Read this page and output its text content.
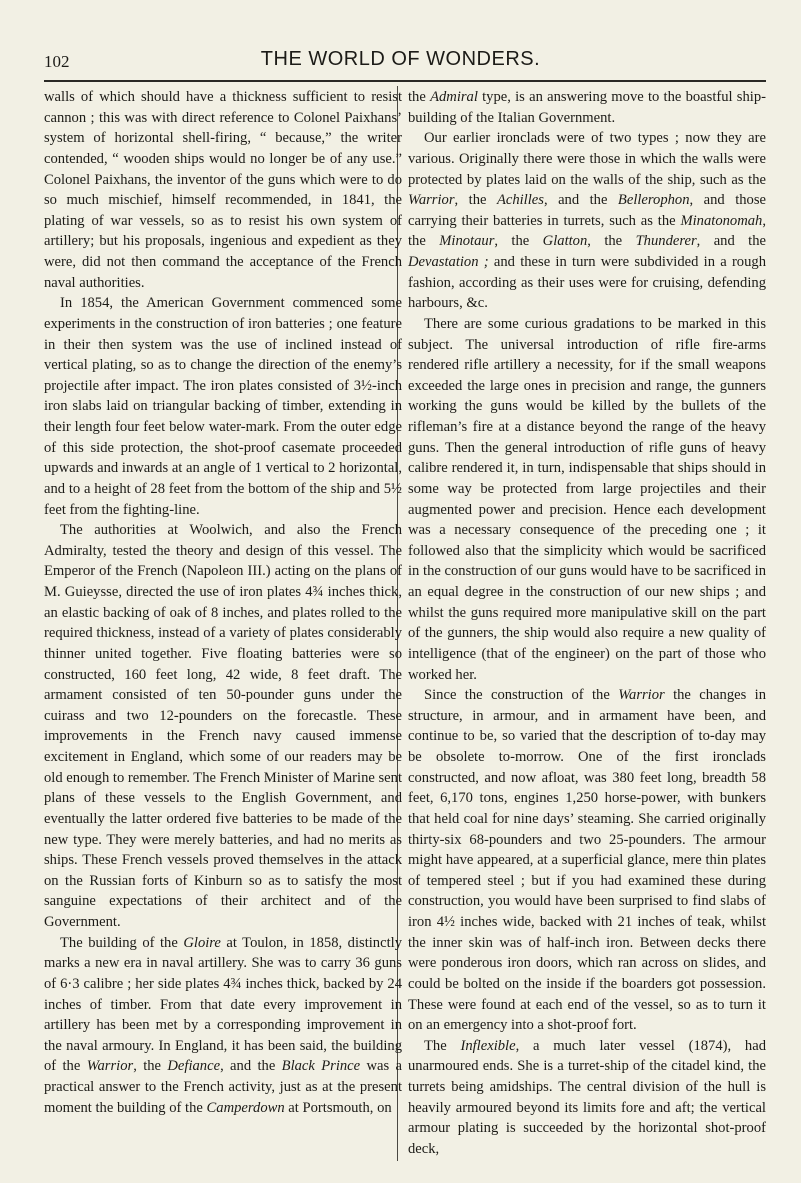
102	THE WORLD OF WONDERS.

walls of which should have a thickness sufficient to resist cannon ; this was with direct reference to Colonel Paixhans’ system of horizontal shell-firing, “ because,” the writer contended, “ wooden ships would no longer be of any use.” Colonel Paixhans, the inventor of the guns which were to do so much mischief, himself recommended, in 1841, the plating of war vessels, so as to resist his own system of artillery; but his proposals, ingenious and expedient as they were, did not then command the acceptance of the French naval authorities.

In 1854, the American Government commenced some experiments in the construction of iron batteries ; one feature in their then system was the use of inclined instead of vertical plating, so as to change the direction of the enemy’s projectile after impact. The iron plates consisted of 3½-inch iron slabs laid on triangular backing of timber, extending in their length four feet below water-mark. From the outer edge of this side protection, the shot-proof casemate proceeded upwards and inwards at an angle of 1 vertical to 2 horizontal, and to a height of 28 feet from the bottom of the ship and 5½ feet from the fighting-line.

The authorities at Woolwich, and also the French Admiralty, tested the theory and design of this vessel. The Emperor of the French (Napoleon III.) acting on the plans of M. Guieysse, directed the use of iron plates 4¾ inches thick, an elastic backing of oak of 8 inches, and plates rolled to the required thickness, instead of a variety of plates considerably thinner united together. Five floating batteries were so constructed, 160 feet long, 42 wide, 8 feet draft. The armament consisted of ten 50-pounder guns under the cuirass and two 12-pounders on the forecastle. These improvements in the French navy caused immense excitement in England, which some of our readers may be old enough to remember. The French Minister of Marine sent plans of these vessels to the English Government, and eventually the latter ordered five batteries to be made of the new type. They were merely batteries, and had no merits as ships. These French vessels proved themselves in the attack on the Russian forts of Kinburn so as to satisfy the most sanguine expectations of their architect and of the Government.

The building of the Gloire at Toulon, in 1858, distinctly marks a new era in naval artillery. She was to carry 36 guns of 6·3 calibre ; her side plates 4¾ inches thick, backed by 24 inches of timber. From that date every improvement in artillery has been met by a corresponding improvement in the naval armoury. In England, it has been said, the building of the Warrior, the Defiance, and the Black Prince was a practical answer to the French activity, just as at the present moment the building of the Camperdown at Portsmouth, on

the Admiral type, is an answering move to the boastful ship-building of the Italian Government.

Our earlier ironclads were of two types ; now they are various. Originally there were those in which the walls were protected by plates laid on the walls of the ship, such as the Warrior, the Achilles, and the Bellerophon, and those carrying their batteries in turrets, such as the Minatonomah, the Minotaur, the Glatton, the Thunderer, and the Devastation ; and these in turn were subdivided in a rough fashion, according as their uses were for cruising, defending harbours, &c.

There are some curious gradations to be marked in this subject. The universal introduction of rifle fire-arms rendered rifle artillery a necessity, for if the small weapons exceeded the large ones in precision and range, the gunners working the guns would be killed by the bullets of the rifleman’s fire at a distance beyond the range of the heavy guns. Then the general introduction of rifle guns of heavy calibre rendered it, in turn, indispensable that ships should in some way be protected from large projectiles and their augmented power and precision. Hence each development was a necessary consequence of the preceding one ; it followed also that the simplicity which would be sacrificed in the construction of our guns would have to be sacrificed in an equal degree in the construction of our new ships ; and whilst the guns required more manipulative skill on the part of the gunners, the ship would also require a new quality of intelligence (that of the engineer) on the part of those who worked her.

Since the construction of the Warrior the changes in structure, in armour, and in armament have been, and continue to be, so varied that the description of to-day may be obsolete to-morrow. One of the first ironclads constructed, and now afloat, was 380 feet long, breadth 58 feet, 6,170 tons, engines 1,250 horse-power, with bunkers that held coal for nine days’ steaming. She carried originally thirty-six 68-pounders and two 25-pounders. The armour might have appeared, at a superficial glance, mere thin plates of tempered steel ; but if you had examined these during construction, you would have been surprised to find slabs of iron 4½ inches wide, backed with 21 inches of teak, whilst the inner skin was of half-inch iron. Between decks there were ponderous iron doors, which ran across on slides, and could be bolted on the inside if the boarders got possession. These were found at each end of the vessel, so as to turn it on an emergency into a shot-proof fort.

The Inflexible, a much later vessel (1874), had unarmoured ends. She is a turret-ship of the citadel kind, the turrets being amidships. The central division of the hull is heavily armoured beyond its limits fore and aft; the vertical armour plating is succeeded by the horizontal shot-proof deck,
